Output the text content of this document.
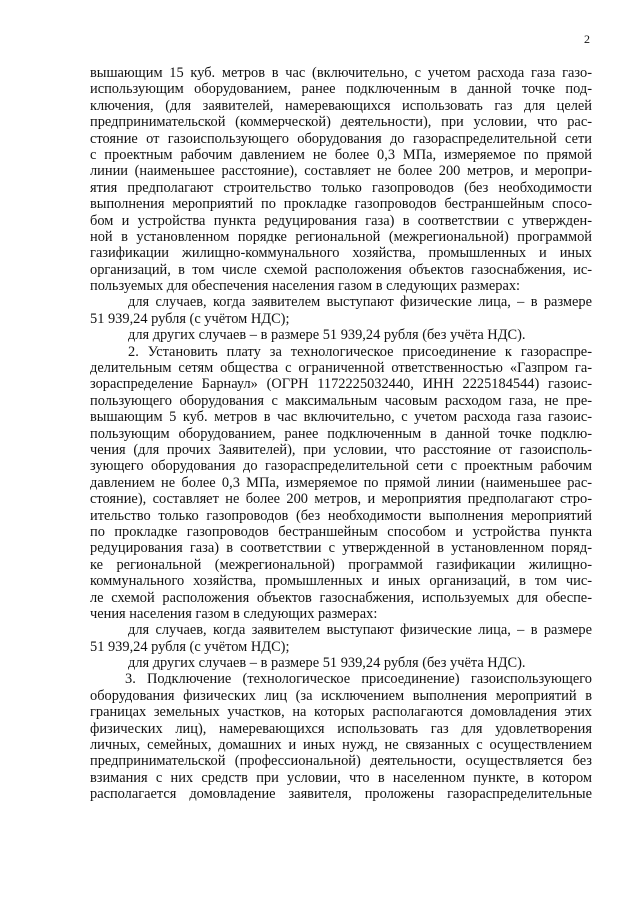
2
вышающим 15 куб. метров в час (включительно, с учетом расхода газа газо-
использующим оборудованием, ранее подключенным в данной точке под-
ключения, (для заявителей, намеревающихся использовать газ для целей
предпринимательской (коммерческой) деятельности), при условии, что рас-
стояние от газоиспользующего оборудования до газораспределительной сети
с проектным рабочим давлением не более 0,3 МПа, измеряемое по прямой
линии (наименьшее расстояние), составляет не более 200 метров, и меропри-
ятия предполагают строительство только газопроводов (без необходимости
выполнения мероприятий по прокладке газопроводов бестраншейным спосо-
бом и устройства пункта редуцирования газа) в соответствии с утвержден-
ной в установленном порядке региональной (межрегиональной) программой
газификации жилищно-коммунального хозяйства, промышленных и иных
организаций, в том числе схемой расположения объектов газоснабжения, ис-
пользуемых для обеспечения населения газом в следующих размерах:
для случаев, когда заявителем выступают физические лица, – в размере
51 939,24 рубля (с учётом НДС);
для других случаев – в размере 51 939,24 рубля (без учёта НДС).
2. Установить плату за технологическое присоединение к газораспре-
делительным сетям общества с ограниченной ответственностью «Газпром га-
зораспределение Барнаул» (ОГРН 1172225032440, ИНН 2225184544) газоис-
пользующего оборудования с максимальным часовым расходом газа, не пре-
вышающим 5 куб. метров в час включительно, с учетом расхода газа газоис-
пользующим оборудованием, ранее подключенным в данной точке подклю-
чения (для прочих Заявителей), при условии, что расстояние от газоисполь-
зующего оборудования до газораспределительной сети с проектным рабочим
давлением не более 0,3 МПа, измеряемое по прямой линии (наименьшее рас-
стояние), составляет не более 200 метров, и мероприятия предполагают стро-
ительство только газопроводов (без необходимости выполнения мероприятий
по прокладке газопроводов бестраншейным способом и устройства пункта
редуцирования газа) в соответствии с утвержденной в установленном поряд-
ке региональной (межрегиональной) программой газификации жилищно-
коммунального хозяйства, промышленных и иных организаций, в том чис-
ле схемой расположения объектов газоснабжения, используемых для обеспе-
чения населения газом в следующих размерах:
для случаев, когда заявителем выступают физические лица, – в размере
51 939,24 рубля (с учётом НДС);
для других случаев – в размере 51 939,24 рубля (без учёта НДС).
3. Подключение (технологическое присоединение) газоиспользующего
оборудования физических лиц (за исключением выполнения мероприятий в
границах земельных участков, на которых располагаются домовладения этих
физических лиц), намеревающихся использовать газ для удовлетворения
личных, семейных, домашних и иных нужд, не связанных с осуществлением
предпринимательской (профессиональной) деятельности, осуществляется без
взимания с них средств при условии, что в населенном пункте, в котором
располагается домовладение заявителя, проложены газораспределительные
